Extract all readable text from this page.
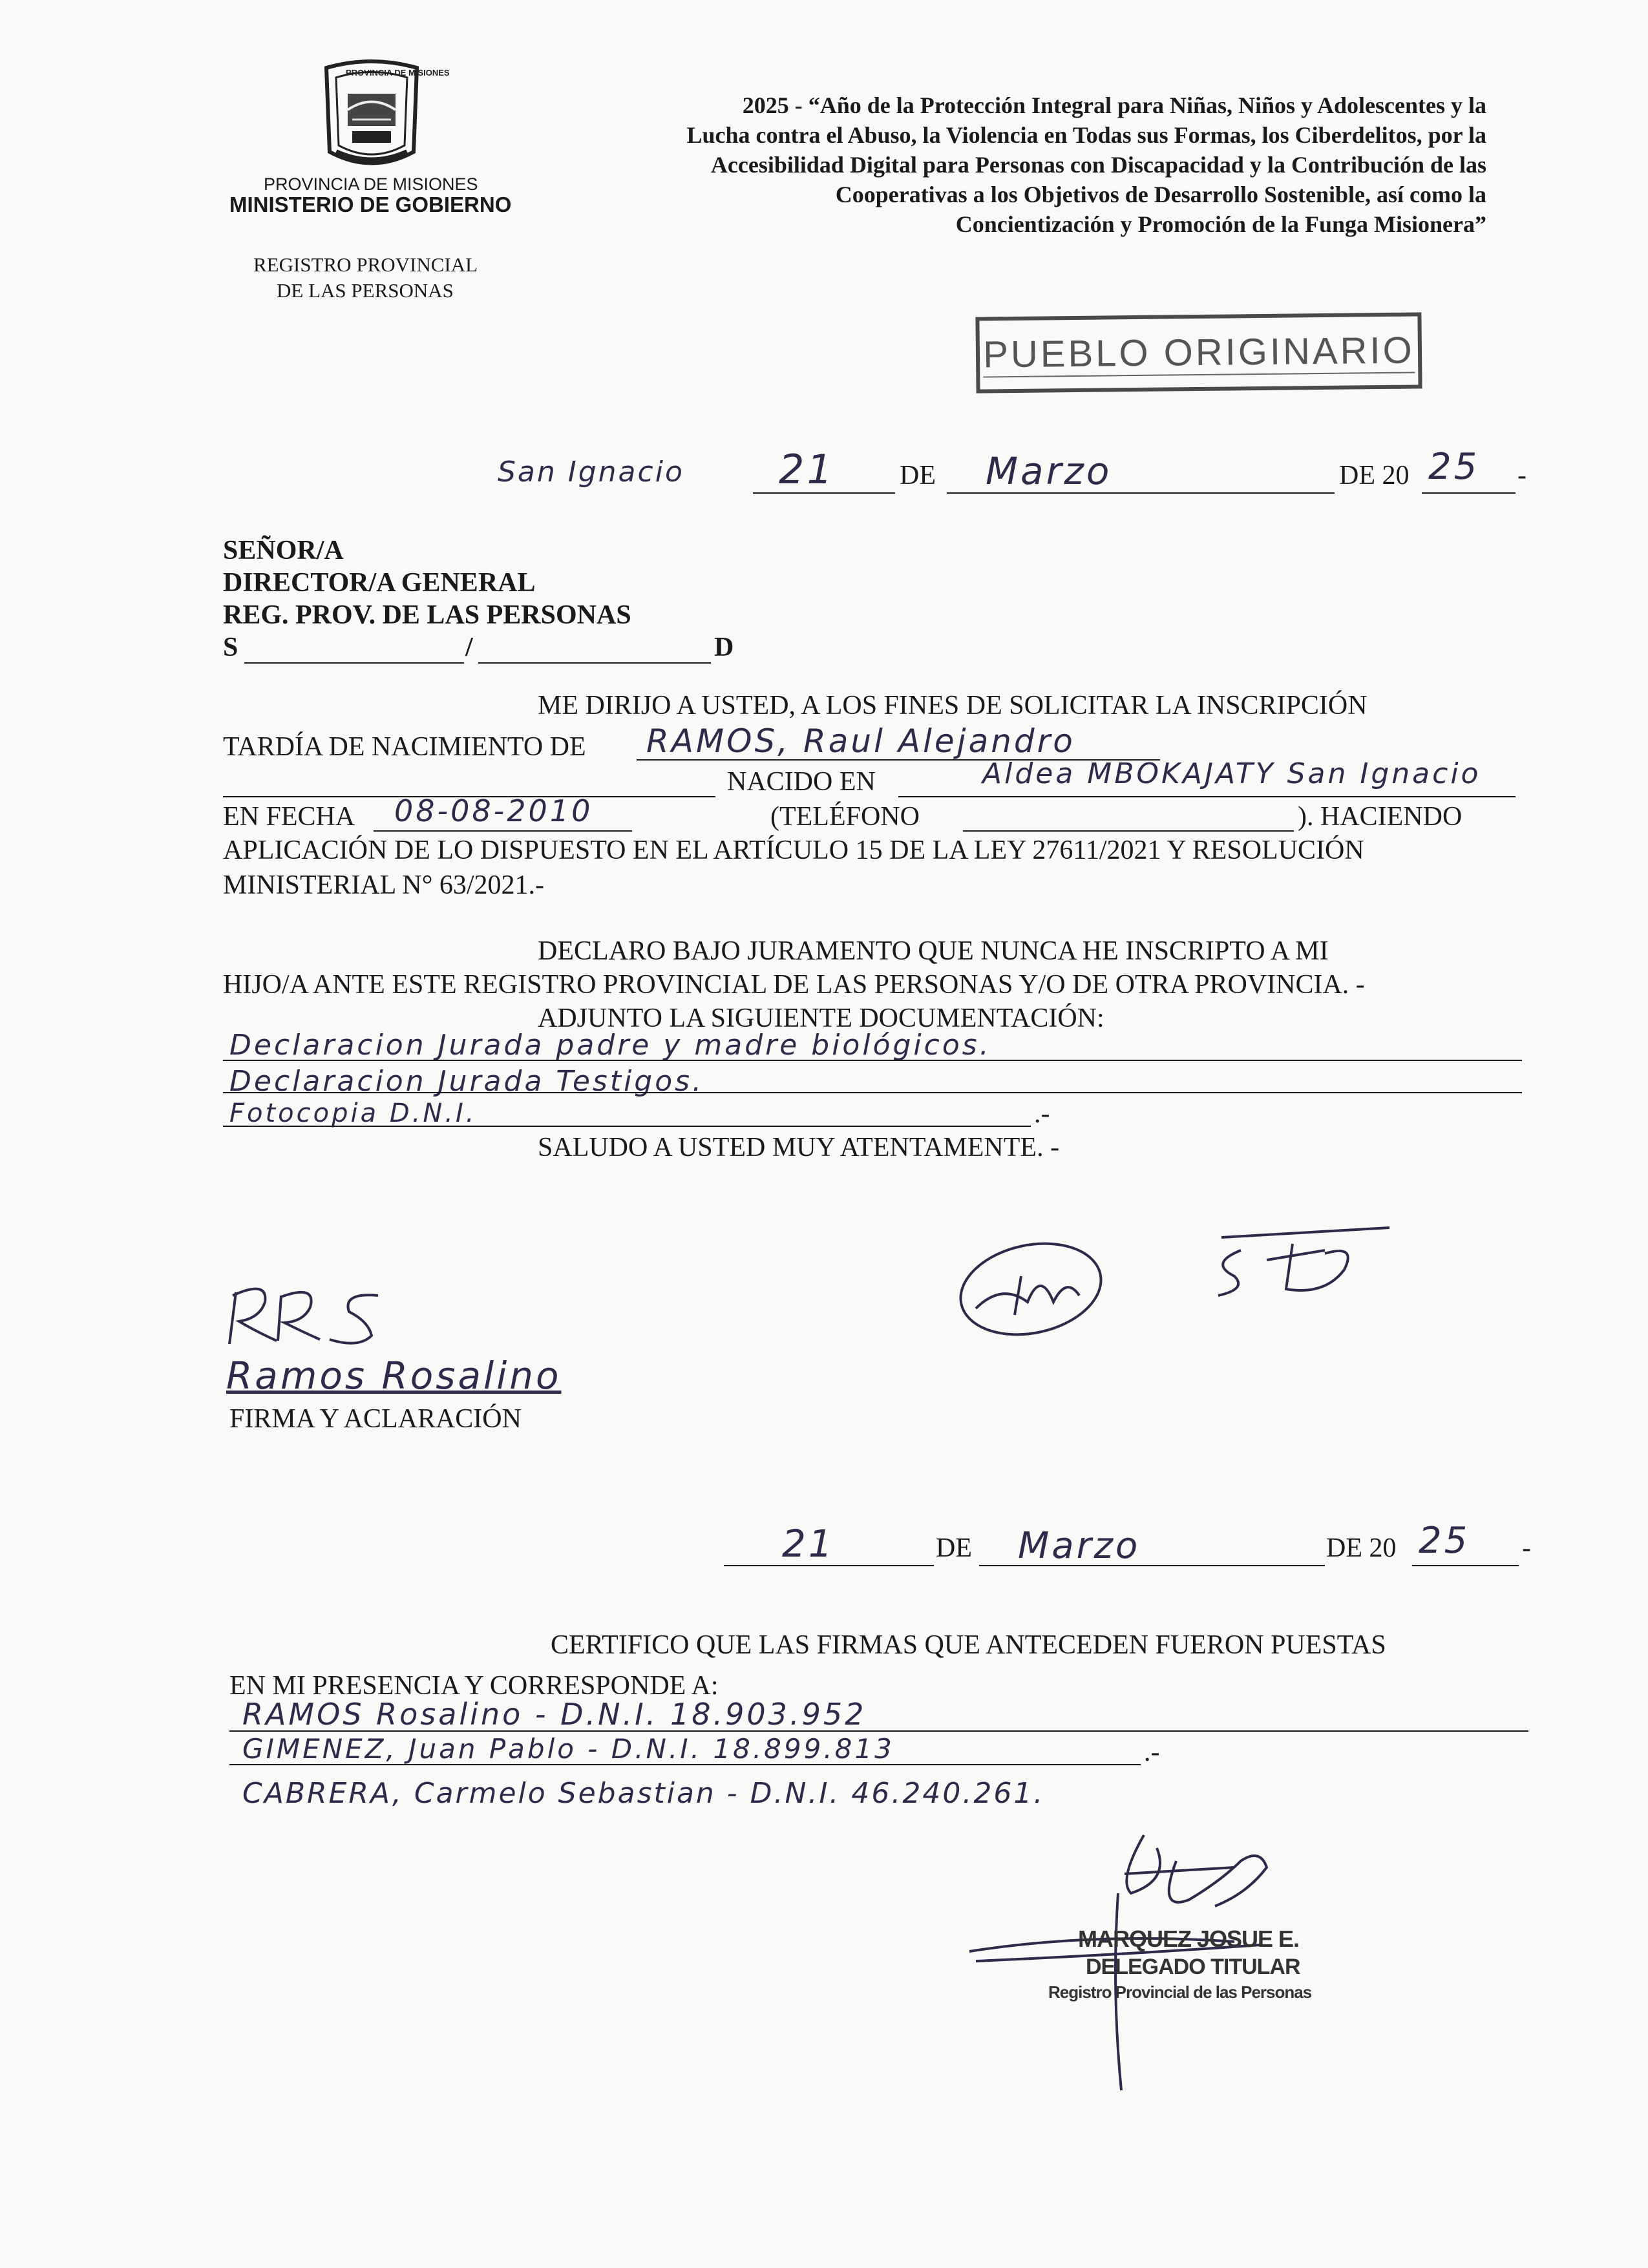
PROVINCIA DE MISIONES
PROVINCIA DE MISIONES
MINISTERIO DE GOBIERNO
REGISTRO PROVINCIAL
DE LAS PERSONAS
2025 - “Año de la Protección Integral para Niñas, Niños y Adolescentes y la Lucha contra el Abuso, la Violencia en Todas sus Formas, los Ciberdelitos, por la Accesibilidad Digital para Personas con Discapacidad y la Contribución de las Cooperativas a los Objetivos de Desarrollo Sostenible, así como la Concientización y Promoción de la Funga Misionera”
PUEBLO ORIGINARIO
San Ignacio 21 DE Marzo	DE 20 25 -
SEÑOR/A
DIRECTOR/A GENERAL
REG. PROV. DE LAS PERSONAS
S	/	D
ME DIRIJO A USTED, A LOS FINES DE SOLICITAR LA INSCRIPCIÓN
TARDÍA DE NACIMIENTO DE RAMOS, Raul Alejandro
NACIDO EN	Aldea MBOKAJATY San Ignacio
EN FECHA 08-08-2010	(TELÉFONO	). HACIENDO
APLICACIÓN DE LO DISPUESTO EN EL ARTÍCULO 15 DE LA LEY 27611/2021 Y RESOLUCIÓN
MINISTERIAL N° 63/2021.-
DECLARO BAJO JURAMENTO QUE NUNCA HE INSCRIPTO A MI
HIJO/A ANTE ESTE REGISTRO PROVINCIAL DE LAS PERSONAS Y/O DE OTRA PROVINCIA. -
ADJUNTO LA SIGUIENTE DOCUMENTACIÓN:
Declaracion Jurada padre y madre biológicos.
Declaracion Jurada Testigos.
Fotocopia D.N.I.	.-
SALUDO A USTED MUY ATENTAMENTE. -
Ramos Rosalino
FIRMA Y ACLARACIÓN
21	DE Marzo	DE 20 25 -
CERTIFICO QUE LAS FIRMAS QUE ANTECEDEN FUERON PUESTAS
EN MI PRESENCIA Y CORRESPONDE A:
RAMOS Rosalino - D.N.I. 18.903.952
GIMENEZ, Juan Pablo - D.N.I. 18.899.813	.-
CABRERA, Carmelo Sebastian - D.N.I. 46.240.261.
MARQUEZ JOSUE E.
DELEGADO TITULAR
Registro Provincial de las Personas
